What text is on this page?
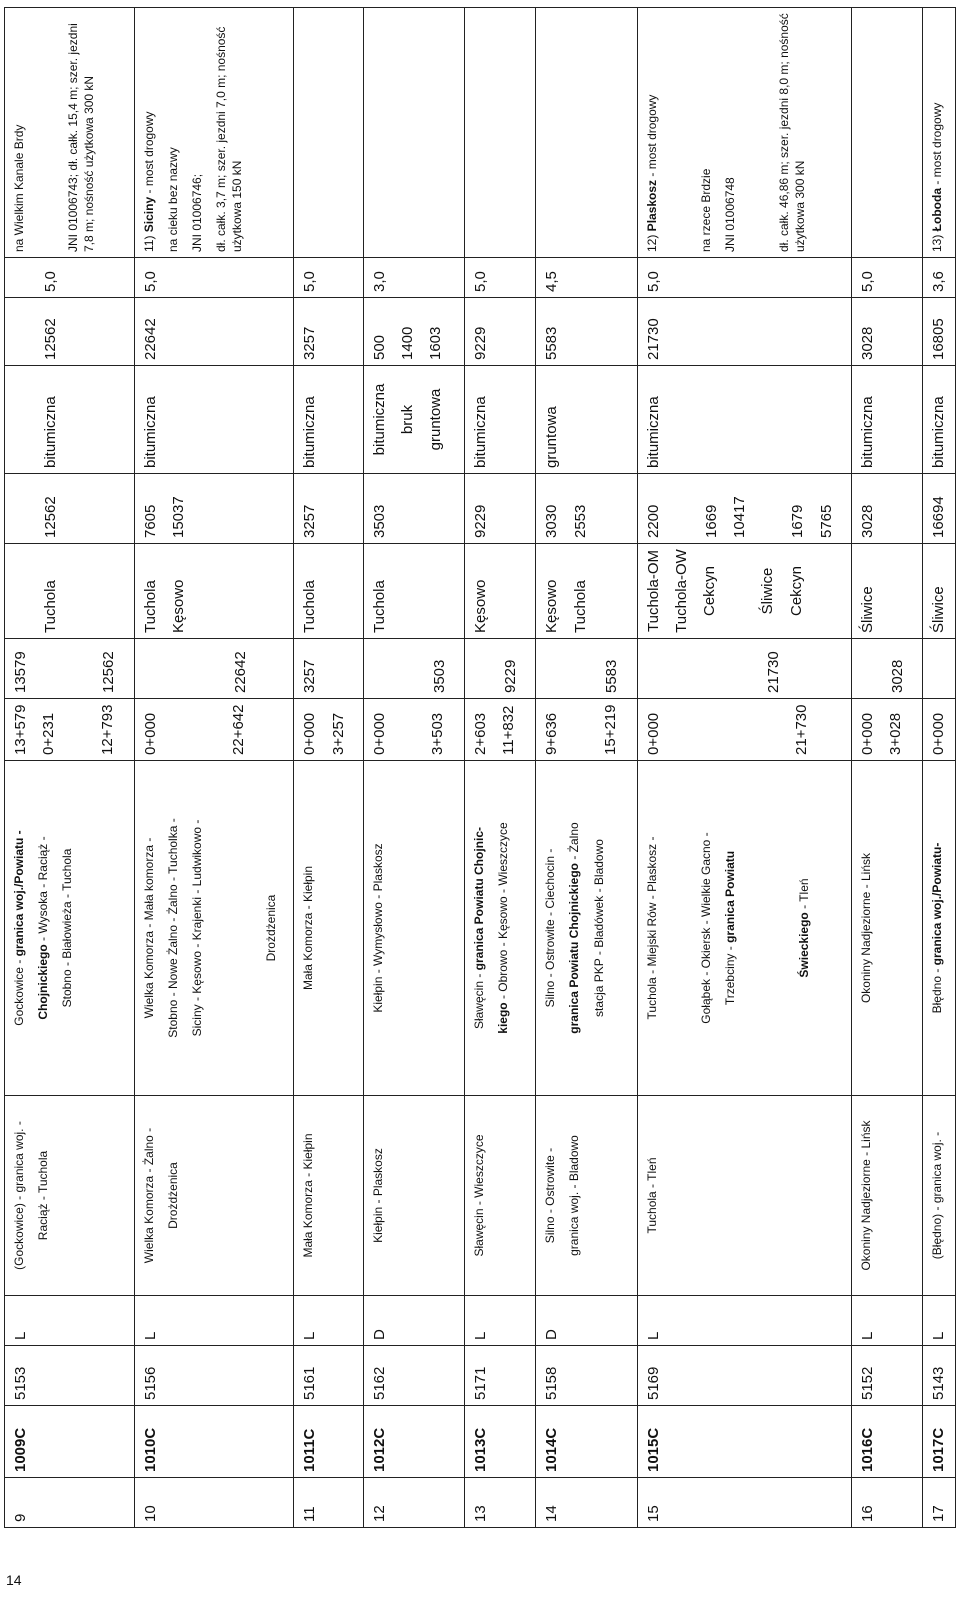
14
9	1009C	5153	L	(Gockowice) - granica woj. - Raciąż - Tuchola	Gockowice - granica woj./Powiatu -
Chojnickiego - Wysoka - Raciąż - Stobno - Białowieża - Tuchola	13+579 0+231 12+793	13579 12562	Tuchola	12562	bitumiczna	12562	5,0	na Wielkim Kanale Brdy JNI 01006743; dł. całk. 15,4 m; szer. jezdni 7,8 m; nośność użytkowa 300 kN

10	1010C	5156	L	Wielka Komorza - Żalno - Drożdżenica	Wielka Komorza - Mała komorza - Stobno - Nowe Żalno - Żalno - Tucholka - Siciny - Kęsowo - Krajenki - Ludwikowo - Drożdżenica	0+000 22+642	22642	Tuchola Kęsowo	7605 15037	bitumiczna	22642	5,0	11) Siciny - most drogowy na cieku bez nazwy JNI 01006746; dł. całk. 3,7 m; szer. jezdni 7,0 m; nośność użytkowa 150 kN

11	1011C	5161	L	Mała Komorza - Kiełpin	Mała Komorza - Kiełpin	0+000 3+257	3257	Tuchola	3257	bitumiczna	3257	5,0	
12	1012C	5162	D	Kiełpin - Plaskosz	Kiełpin - Wymysłowo - Plaskosz	0+000 3+503	3503	Tuchola	3503	bitumiczna bruk gruntowa	500 1400 1603	3,0	
13	1013C	5171	L	Sławęcin - Wieszczyce	Sławęcin - granica Powiatu Chojnic-
kiego - Obrowo - Kęsowo - Wieszczyce	2+603 11+832	9229	Kęsowo	9229	bitumiczna	9229	5,0	
14	1014C	5158	D	Silno - Ostrowite - granica woj. - Bladowo	Silno - Ostrowite - Ciechocin - granica Powiatu Chojnickiego - Żalno stacja PKP - Bladówek - Bladowo	9+636 15+219	5583	Kęsowo Tuchola	3030 2553	gruntowa	5583	4,5	
15	1015C	5169	L	Tuchola - Tleń	Tuchola - Miejski Rów - Plaskosz - Gołąbek - Okiersk - Wielkie Gacno - Trzebciny - granica Powiatu
Świeckiego - Tleń	0+000 21+730	21730	Tuchola-OM Tuchola-OW Cekcyn Śliwice Cekcyn	2200 1669 10417 1679 5765	bitumiczna	21730	5,0	12) Plaskosz - most drogowy
na rzece Brdzie JNI 01006748 dł. całk. 46,86 m; szer. jezdni 8,0 m; nośność użytkowa 300 kN

16	1016C	5152	L	Okoniny Nadjeziorne - Lińsk	Okoniny Nadjeziorne - Lińsk	0+000 3+028	3028	Śliwice	3028	bitumiczna	3028	5,0	
17	1017C	5143	L	(Błędno) - granica woj. -	Błędno - granica woj./Powiatu-	0+000		Śliwice	16694	bitumiczna	16805	3,6	13) Łoboda - most drogowy
